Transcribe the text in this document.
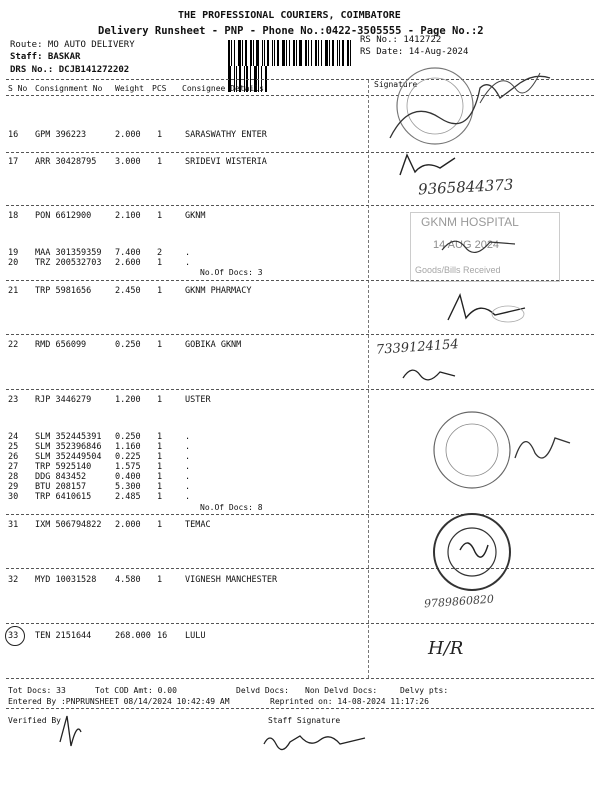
THE PROFESSIONAL COURIERS, COIMBATORE
Delivery Runsheet - PNP - Phone No.:0422-3505555 - Page No.:2
Route: MO AUTO DELIVERY
Staff: BASKAR
DRS No.: DCJB141272202
RS No.: 1412722
RS Date: 14-Aug-2024
S No Consignment No Weight PCS Consignee Details	Signature
16 GPM 396223	2.000 1	SARASWATHY ENTER
17 ARR 30428795 3.000 1	SRIDEVI WISTERIA
18 PON 6612900	2.100 1	GKNM
19 MAA 301359359 7.400 2	.
20 TRZ 200532703 2.600 1	.
No.Of Docs: 3
21 TRP 5981656	2.450 1	GKNM PHARMACY
22 RMD 656099	0.250 1	GOBIKA GKNM
23 RJP 3446279	1.200 1	USTER
24 SLM 352445391 0.250 1	.
25 SLM 352396846 1.160 1	.
26 SLM 352449504 0.225 1	.
27 TRP 5925140	1.575 1	.
28 DDG 843452	0.400 1	.
29 BTU 208157	5.300 1	.
30 TRP 6410615	2.485 1	.
No.Of Docs: 8
31 IXM 506794822 2.000 1	TEMAC
32 MYD 10031528 4.580 1	VIGNESH MANCHESTER
33 TEN 2151644	268.000 16 LULU
9365844373
7339124154
9789860820
H/R
GKNM HOSPITAL
14 AUG 2024
Goods/Bills Received
Tot Docs: 33	Tot COD Amt: 0.00	Delvd Docs: Non Delvd Docs:	Delvy pts:
Entered By :PNPRUNSHEET 08/14/2024 10:42:49 AM	Reprinted on: 14-08-2024 11:17:26
Verified By	Staff Signature
